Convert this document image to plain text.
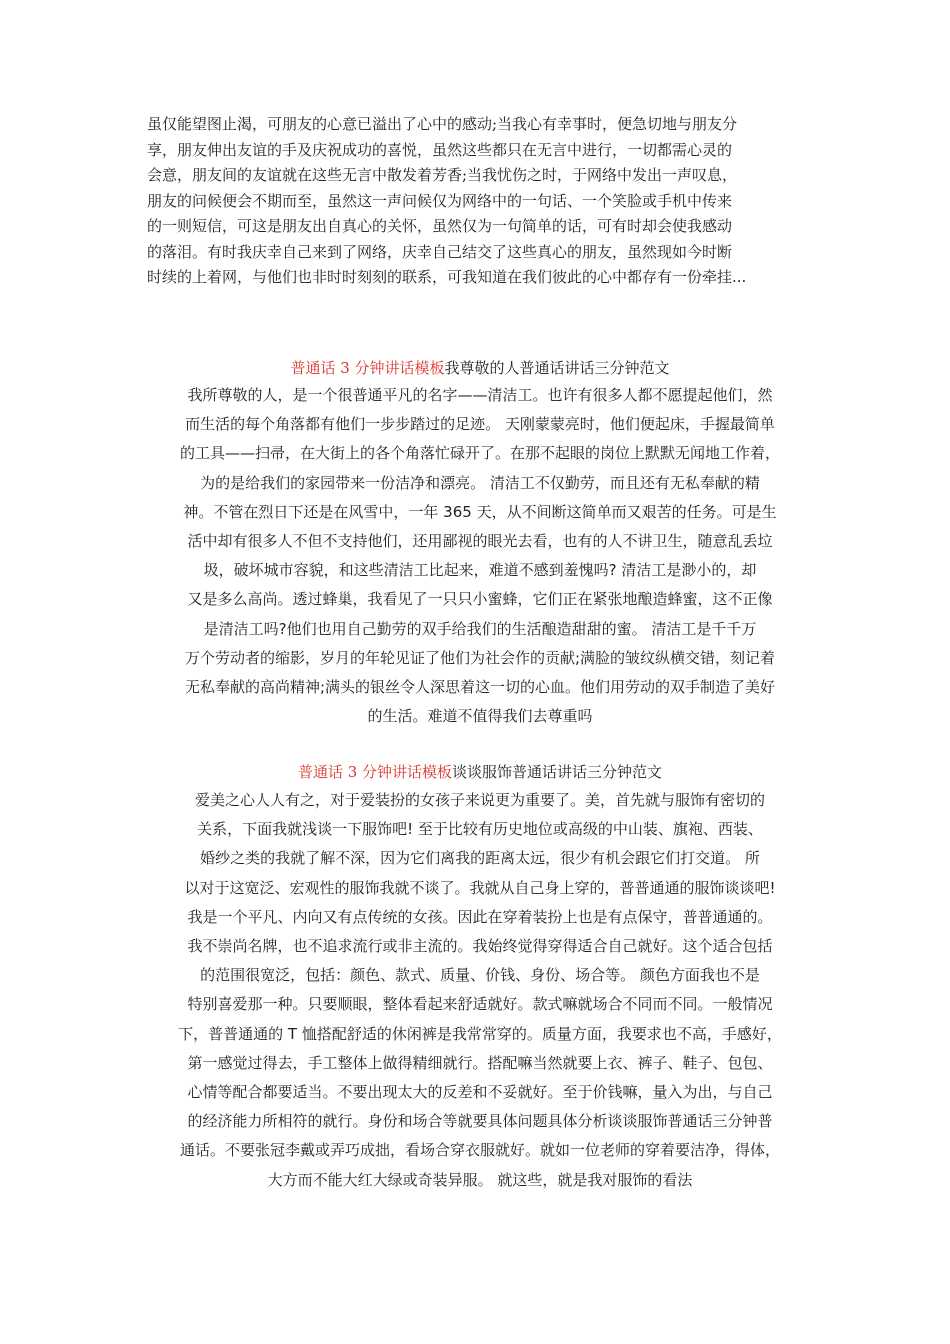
虽仅能望图止渴，可朋友的心意已溢出了心中的感动;当我心有幸事时，便急切地与朋友分
享，朋友伸出友谊的手及庆祝成功的喜悦，虽然这些都只在无言中进行，一切都需心灵的
会意，朋友间的友谊就在这些无言中散发着芳香;当我忧伤之时，于网络中发出一声叹息，
朋友的问候便会不期而至，虽然这一声问候仅为网络中的一句话、一个笑脸或手机中传来
的一则短信，可这是朋友出自真心的关怀，虽然仅为一句简单的话，可有时却会使我感动
的落泪。有时我庆幸自己来到了网络，庆幸自己结交了这些真心的朋友，虽然现如今时断
时续的上着网，与他们也非时时刻刻的联系，可我知道在我们彼此的心中都存有一份牵挂...
普通话 3 分钟讲话模板我尊敬的人普通话讲话三分钟范文
我所尊敬的人，是一个很普通平凡的名字——清洁工。也许有很多人都不愿提起他们，然
而生活的每个角落都有他们一步步踏过的足迹。 天刚蒙蒙亮时，他们便起床，手握最简单
的工具——扫帚，在大街上的各个角落忙碌开了。在那不起眼的岗位上默默无闻地工作着，
为的是给我们的家园带来一份洁净和漂亮。 清洁工不仅勤劳，而且还有无私奉献的精
神。不管在烈日下还是在风雪中，一年 365 天，从不间断这简单而又艰苦的任务。可是生
活中却有很多人不但不支持他们，还用鄙视的眼光去看，也有的人不讲卫生，随意乱丢垃
圾，破坏城市容貌，和这些清洁工比起来，难道不感到羞愧吗? 清洁工是渺小的，却
又是多么高尚。透过蜂巢，我看见了一只只小蜜蜂，它们正在紧张地酿造蜂蜜，这不正像
是清洁工吗?他们也用自己勤劳的双手给我们的生活酿造甜甜的蜜。 清洁工是千千万
万个劳动者的缩影，岁月的年轮见证了他们为社会作的贡献;满脸的皱纹纵横交错，刻记着
无私奉献的高尚精神;满头的银丝令人深思着这一切的心血。他们用劳动的双手制造了美好
的生活。难道不值得我们去尊重吗
普通话 3 分钟讲话模板谈谈服饰普通话讲话三分钟范文
爱美之心人人有之，对于爱装扮的女孩子来说更为重要了。美，首先就与服饰有密切的
关系，下面我就浅谈一下服饰吧! 至于比较有历史地位或高级的中山装、旗袍、西装、
婚纱之类的我就了解不深，因为它们离我的距离太远，很少有机会跟它们打交道。 所
以对于这宽泛、宏观性的服饰我就不谈了。我就从自己身上穿的，普普通通的服饰谈谈吧!
我是一个平凡、内向又有点传统的女孩。因此在穿着装扮上也是有点保守，普普通通的。
我不崇尚名牌，也不追求流行或非主流的。我始终觉得穿得适合自己就好。这个适合包括
的范围很宽泛，包括：颜色、款式、质量、价钱、身份、场合等。 颜色方面我也不是
特别喜爱那一种。只要顺眼，整体看起来舒适就好。款式嘛就场合不同而不同。一般情况
下，普普通通的 T 恤搭配舒适的休闲裤是我常常穿的。质量方面，我要求也不高，手感好，
第一感觉过得去，手工整体上做得精细就行。搭配嘛当然就要上衣、裤子、鞋子、包包、
心情等配合都要适当。不要出现太大的反差和不妥就好。至于价钱嘛，量入为出，与自己
的经济能力所相符的就行。身份和场合等就要具体问题具体分析谈谈服饰普通话三分钟普
通话。不要张冠李戴或弄巧成拙，看场合穿衣服就好。就如一位老师的穿着要洁净，得体，
大方而不能大红大绿或奇装异服。 就这些，就是我对服饰的看法
